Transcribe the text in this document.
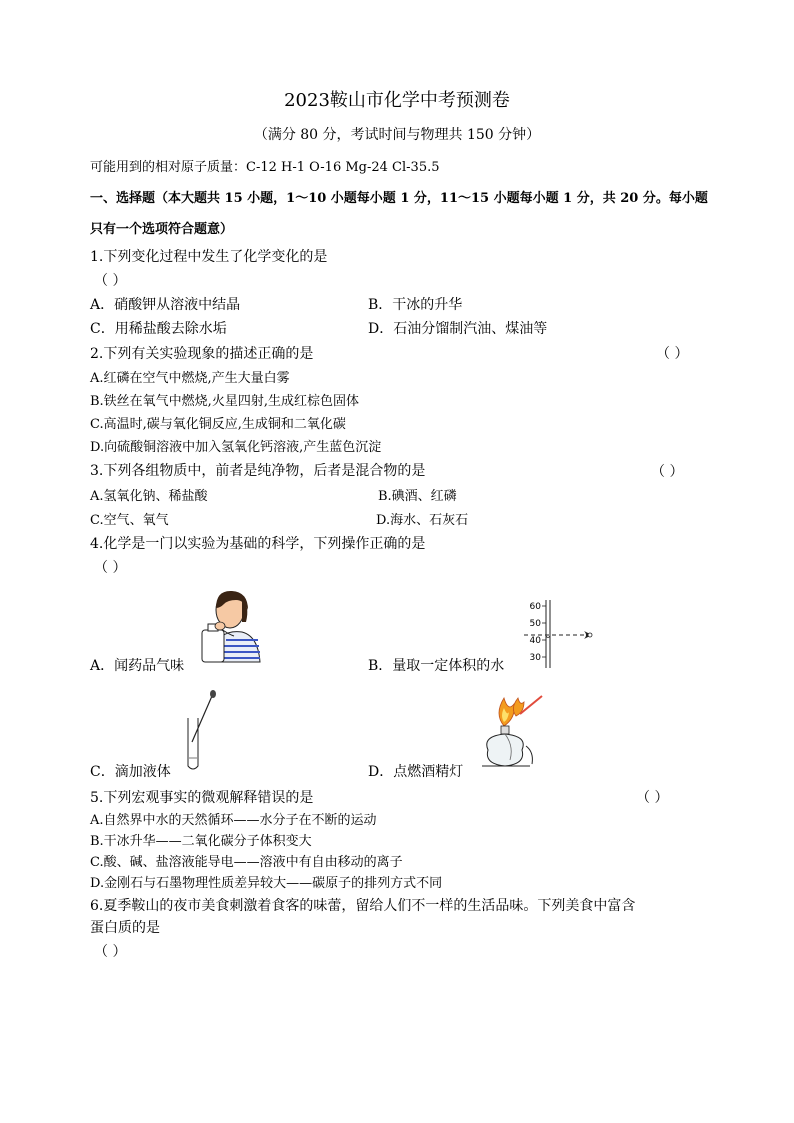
2023鞍山市化学中考预测卷
（满分 80 分，考试时间与物理共 150 分钟）
可能用到的相对原子质量：C-12 H-1 O-16 Mg-24 Cl-35.5
一、选择题（本大题共 15 小题，1～10 小题每小题 1 分，11～15 小题每小题 1 分，共 20 分。每小题
只有一个选项符合题意）
1.下列变化过程中发生了化学变化的是
（ ）
A．硝酸钾从溶液中结晶	B．干冰的升华
C．用稀盐酸去除水垢	D．石油分馏制汽油、煤油等
2.下列有关实验现象的描述正确的是	（ ）
A.红磷在空气中燃烧,产生大量白雾
B.铁丝在氧气中燃烧,火星四射,生成红棕色固体
C.高温时,碳与氧化铜反应,生成铜和二氧化碳
D.向硫酸铜溶液中加入氢氧化钙溶液,产生蓝色沉淀
3.下列各组物质中，前者是纯净物，后者是混合物的是	（ ）
A.氢氧化钠、稀盐酸	B.碘酒、红磷
C.空气、氧气	D.海水、石灰石
4.化学是一门以实验为基础的科学，下列操作正确的是
（ ）
A．闻药品气味
60
50
40
30
B．量取一定体积的水
C．滴加液体	D．点燃酒精灯
5.下列宏观事实的微观解释错误的是	（ ）
A.自然界中水的天然循环——水分子在不断的运动
B.干冰升华——二氧化碳分子体积变大
C.酸、碱、盐溶液能导电——溶液中有自由移动的离子
D.金刚石与石墨物理性质差异较大——碳原子的排列方式不同
6.夏季鞍山的夜市美食刺激着食客的味蕾，留给人们不一样的生活品味。下列美食中富含
蛋白质的是
（ ）
